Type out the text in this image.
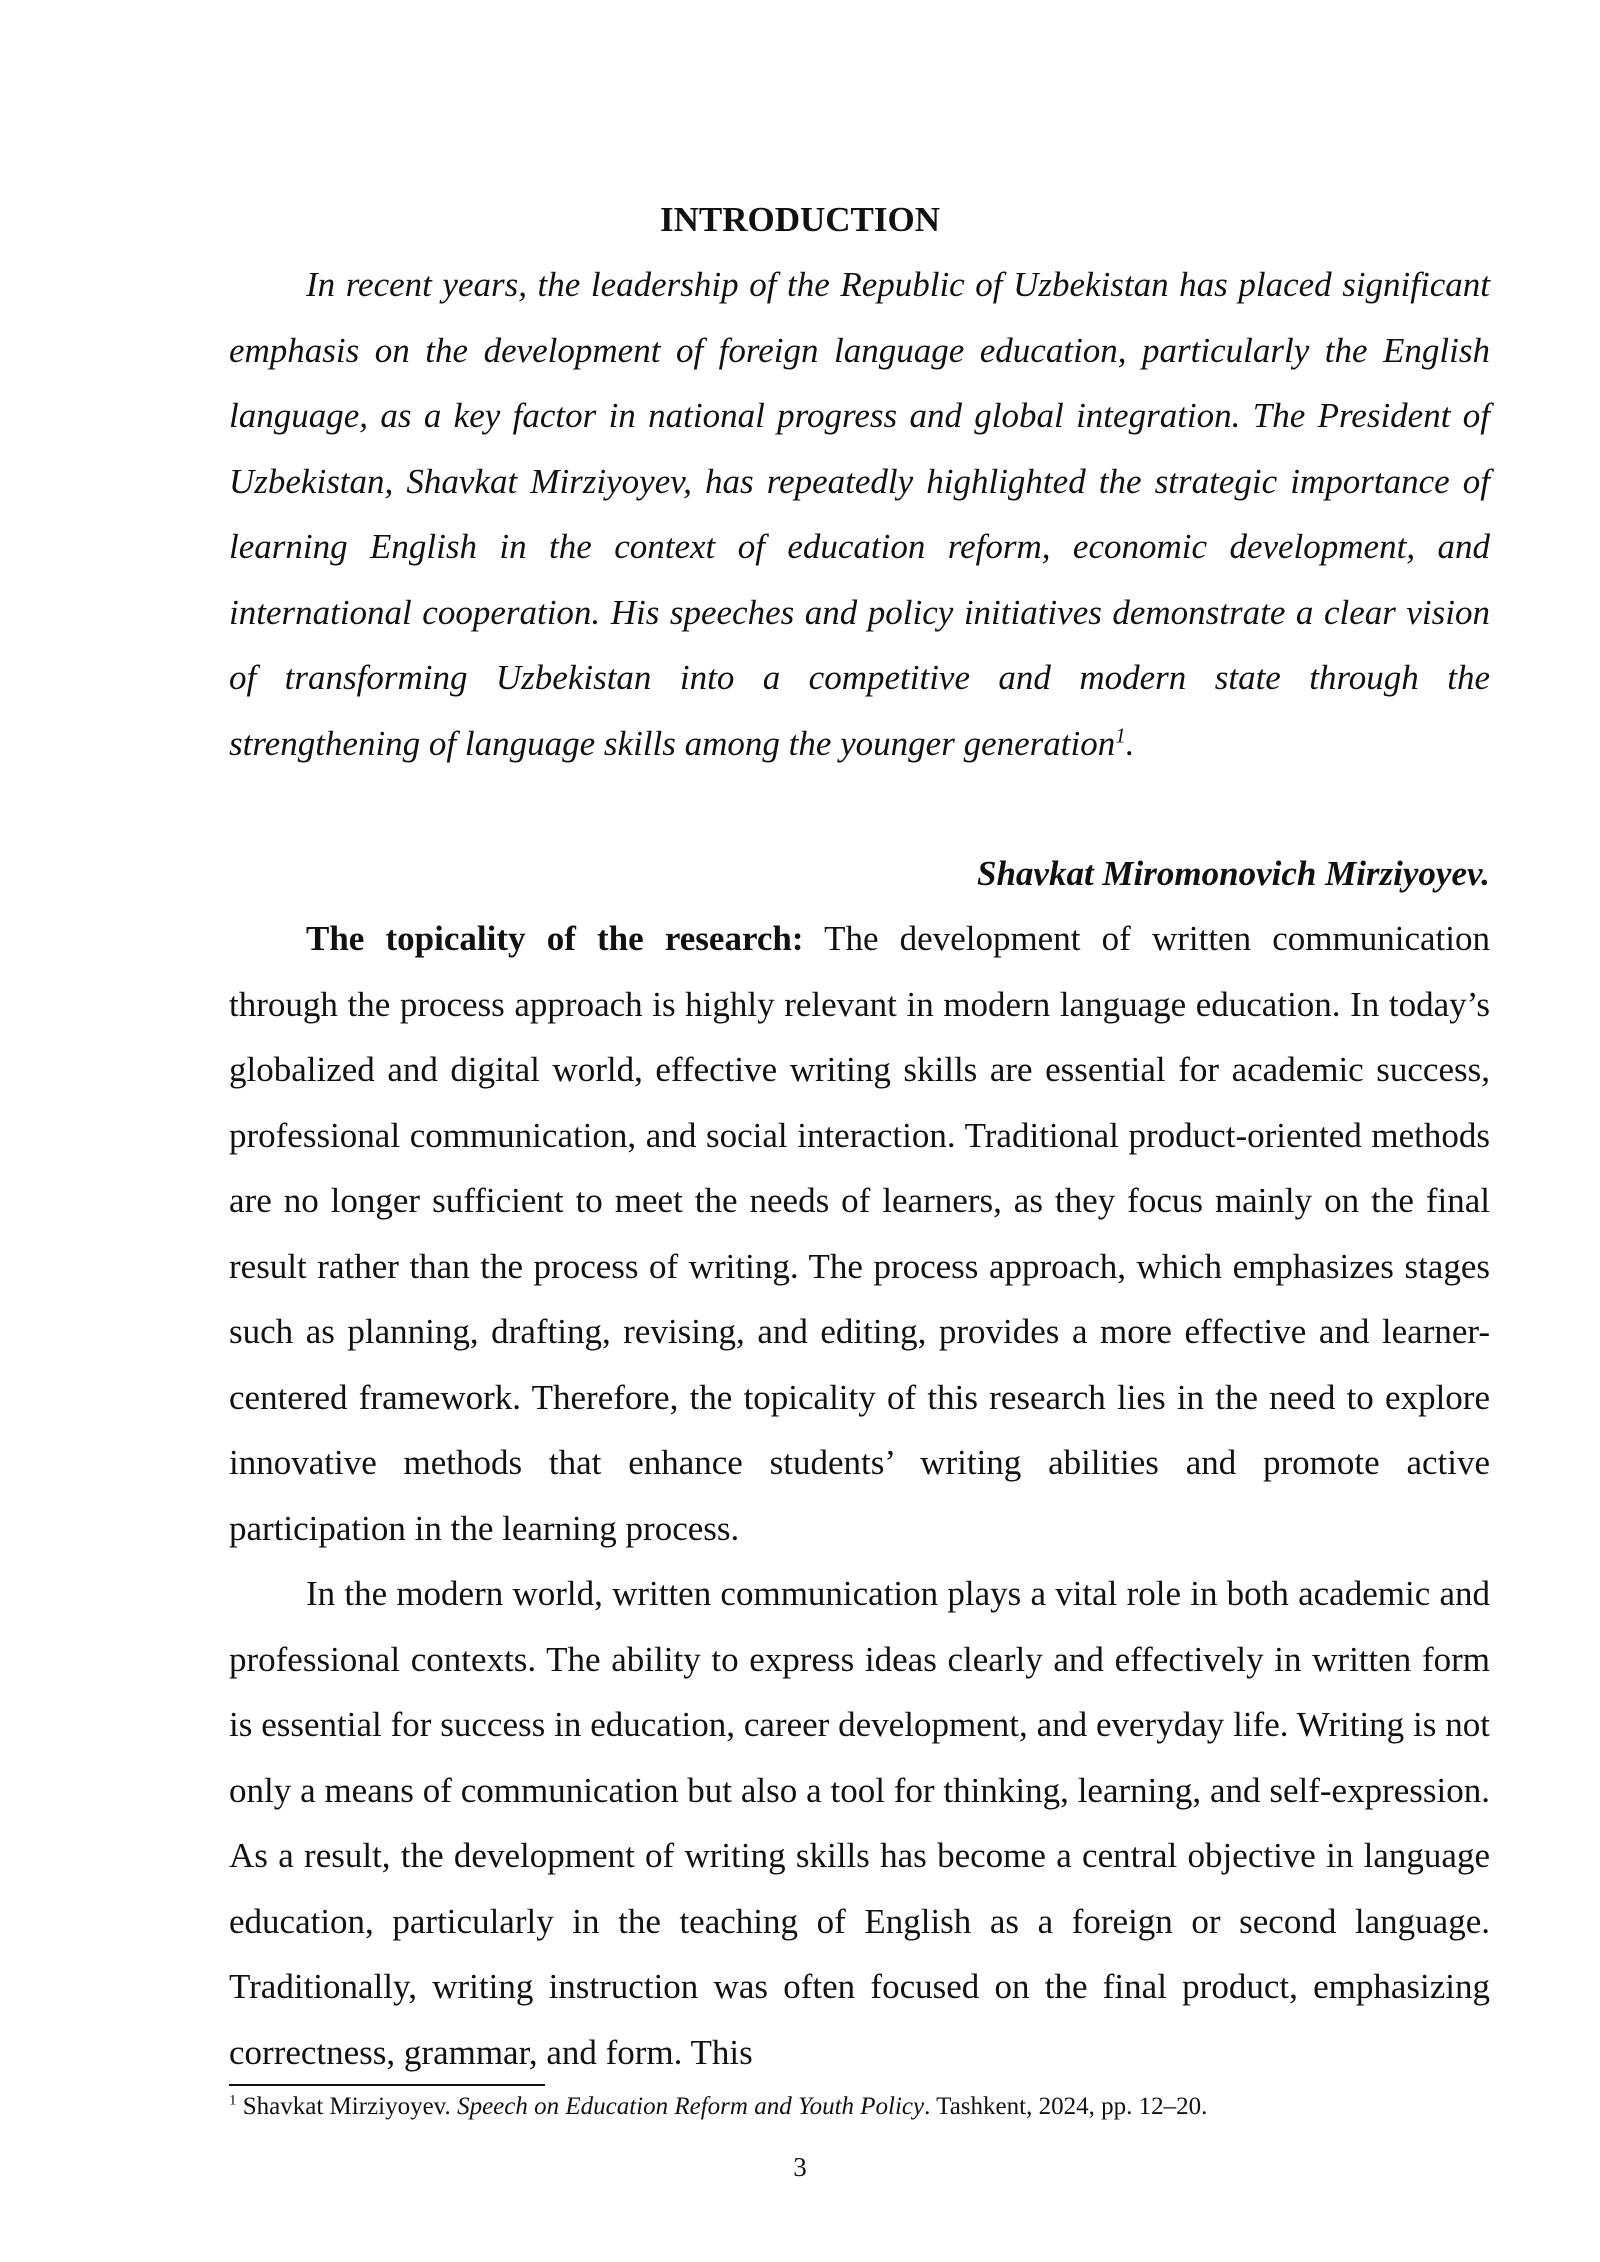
INTRODUCTION

In recent years, the leadership of the Republic of Uzbekistan has placed significant emphasis on the development of foreign language education, particularly the English language, as a key factor in national progress and global integration. The President of Uzbekistan, Shavkat Mirziyoyev, has repeatedly highlighted the strategic importance of learning English in the context of education reform, economic development, and international cooperation. His speeches and policy initiatives demonstrate a clear vision of transforming Uzbekistan into a competitive and modern state through the strengthening of language skills among the younger generation$^1$.

Shavkat Miromonovich Mirziyoyev.

The topicality of the research: The development of written communication through the process approach is highly relevant in modern language education. In today’s globalized and digital world, effective writing skills are essential for academic success, professional communication, and social interaction. Traditional product-oriented methods are no longer sufficient to meet the needs of learners, as they focus mainly on the final result rather than the process of writing. The process approach, which emphasizes stages such as planning, drafting, revising, and editing, provides a more effective and learner-centered framework. Therefore, the topicality of this research lies in the need to explore innovative methods that enhance students’ writing abilities and promote active participation in the learning process.

In the modern world, written communication plays a vital role in both academic and professional contexts. The ability to express ideas clearly and effectively in written form is essential for success in education, career development, and everyday life. Writing is not only a means of communication but also a tool for thinking, learning, and self-expression. As a result, the development of writing skills has become a central objective in language education, particularly in the teaching of English as a foreign or second language. Traditionally, writing instruction was often focused on the final product, emphasizing correctness, grammar, and form. This

$^1$ Shavkat Mirziyoyev. Speech on Education Reform and Youth Policy. Tashkent, 2024, pp. 12–20.

3
